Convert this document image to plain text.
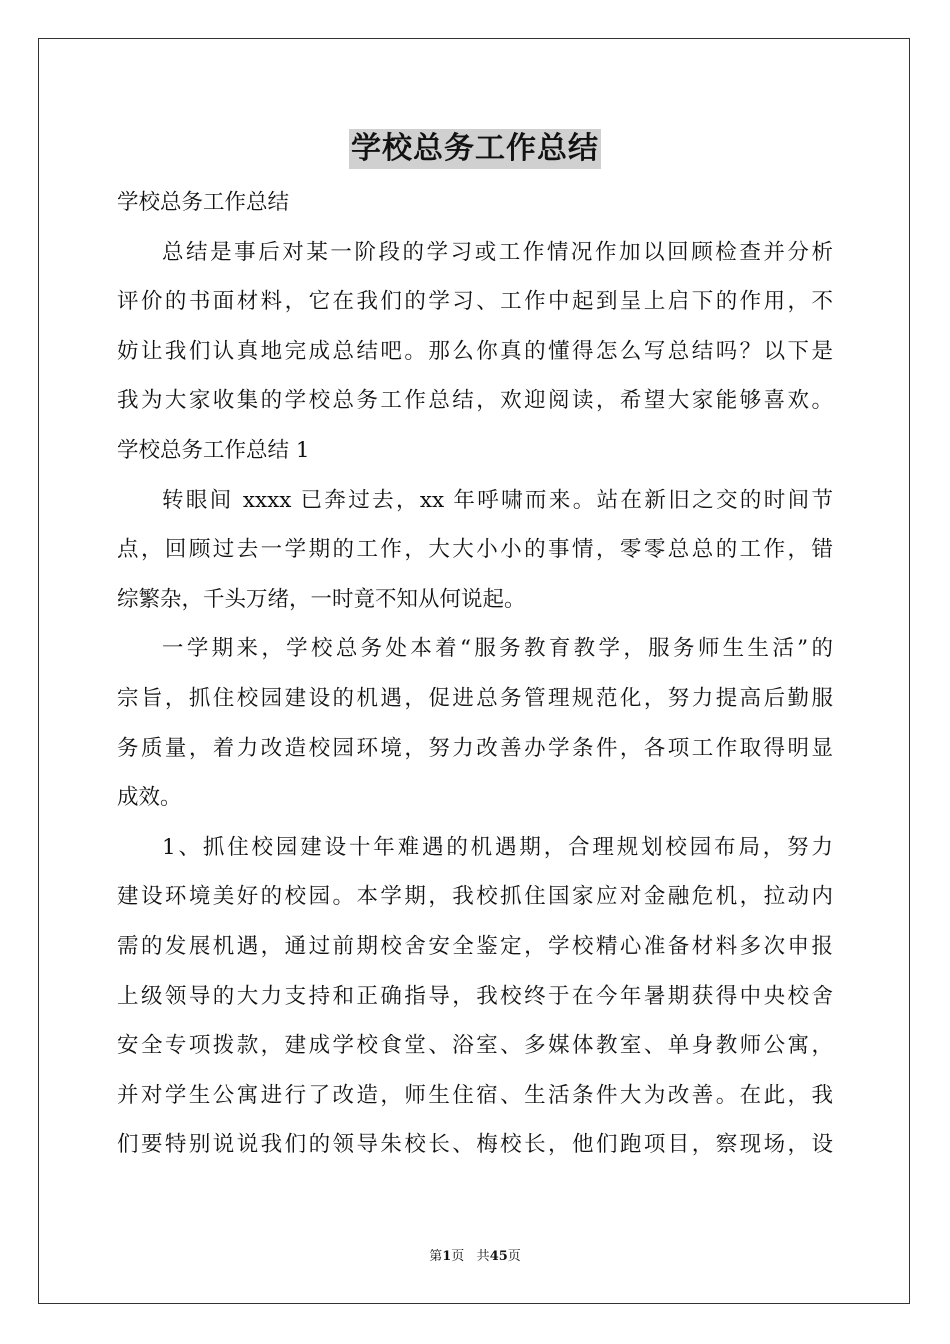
学校总务工作总结
学校总务工作总结
总结是事后对某一阶段的学习或工作情况作加以回顾检查并分析
评价的书面材料，它在我们的学习、工作中起到呈上启下的作用，不
妨让我们认真地完成总结吧。那么你真的懂得怎么写总结吗？以下是
我为大家收集的学校总务工作总结，欢迎阅读，希望大家能够喜欢。
学校总务工作总结 1
转眼间 xxxx 已奔过去，xx 年呼啸而来。站在新旧之交的时间节
点，回顾过去一学期的工作，大大小小的事情，零零总总的工作，错
综繁杂，千头万绪，一时竟不知从何说起。
一学期来，学校总务处本着“服务教育教学，服务师生生活”的
宗旨，抓住校园建设的机遇，促进总务管理规范化，努力提高后勤服
务质量，着力改造校园环境，努力改善办学条件，各项工作取得明显
成效。
1、抓住校园建设十年难遇的机遇期，合理规划校园布局，努力
建设环境美好的校园。本学期，我校抓住国家应对金融危机，拉动内
需的发展机遇，通过前期校舍安全鉴定，学校精心准备材料多次申报
上级领导的大力支持和正确指导，我校终于在今年暑期获得中央校舍
安全专项拨款，建成学校食堂、浴室、多媒体教室、单身教师公寓，
并对学生公寓进行了改造，师生住宿、生活条件大为改善。在此，我
们要特别说说我们的领导朱校长、梅校长，他们跑项目，察现场，设
第1页 共45页
